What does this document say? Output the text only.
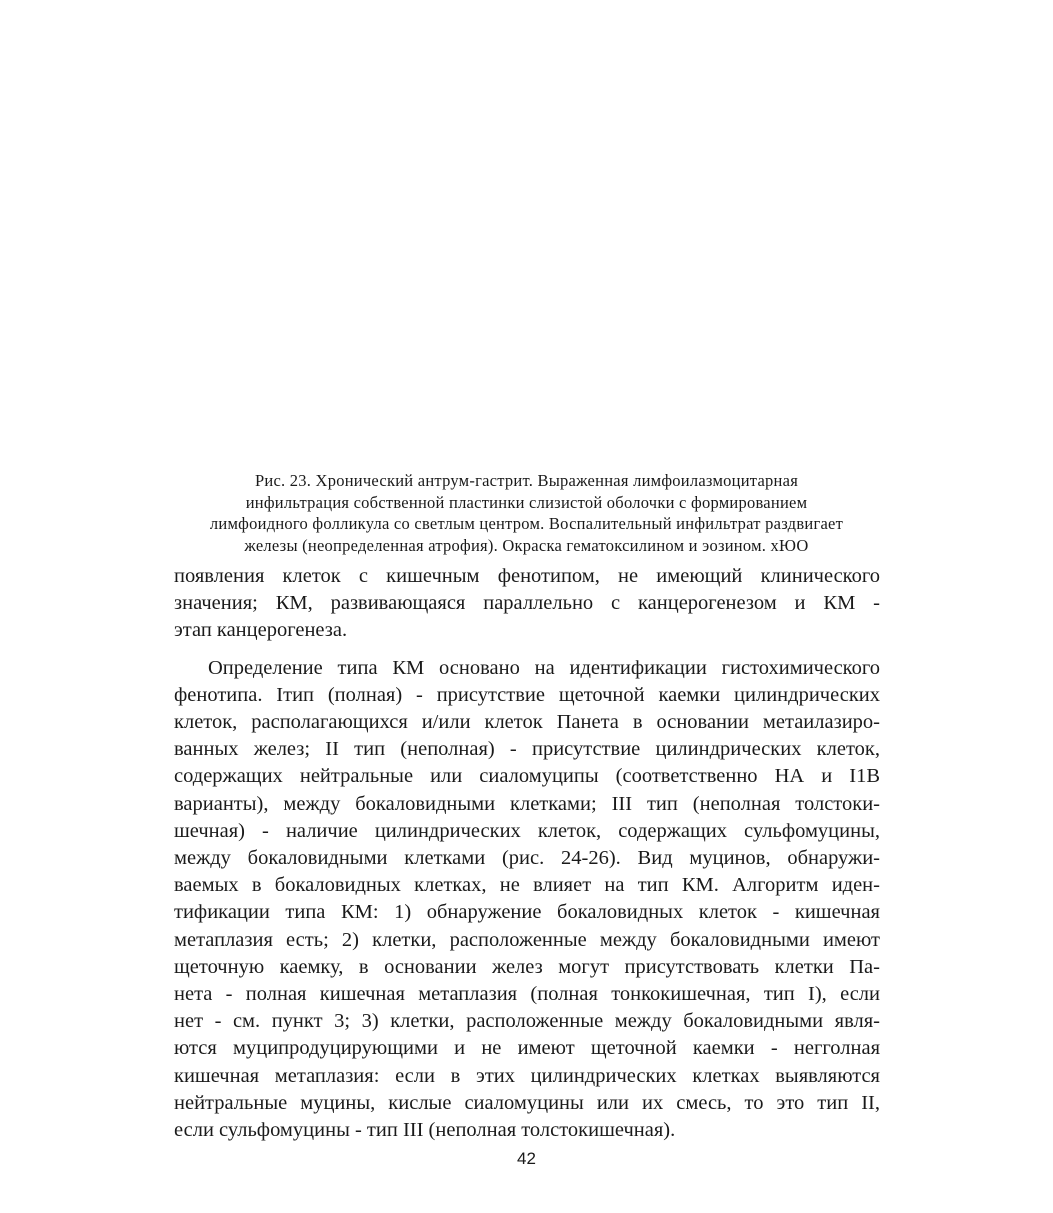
Рис. 23. Хронический антрум-гастрит. Выраженная лимфоилазмоцитарная
инфильтрация собственной пластинки слизистой оболочки с формированием
лимфоидного фолликула со светлым центром. Воспалительный инфильтрат раздвигает
железы (неопределенная атрофия). Окраска гематоксилином и эозином. хЮО
появления клеток с кишечным фенотипом, не имеющий клинического
значения; КМ, развивающаяся параллельно с канцерогенезом и КМ -
этап канцерогенеза.
Определение типа КМ основано на идентификации гистохимического
фенотипа. Iтип (полная) - присутствие щеточной каемки цилиндрических
клеток, располагающихся и/или клеток Панета в основании метаилазиро-
ванных желез; II тип (неполная) - присутствие цилиндрических клеток,
содержащих нейтральные или сиаломуципы (соответственно НА и I1В
варианты), между бокаловидными клетками; III тип (неполная толстоки-
шечная) - наличие цилиндрических клеток, содержащих сульфомуцины,
между бокаловидными клетками (рис. 24-26). Вид муцинов, обнаружи-
ваемых в бокаловидных клетках, не влияет на тип КМ. Алгоритм иден-
тификации типа КМ: 1) обнаружение бокаловидных клеток - кишечная
метаплазия есть; 2) клетки, расположенные между бокаловидными имеют
щеточную каемку, в основании желез могут присутствовать клетки Па-
нета - полная кишечная метаплазия (полная тонкокишечная, тип I), если
нет - см. пункт 3; 3) клетки, расположенные между бокаловидными явля-
ются муципродуцирующими и не имеют щеточной каемки - негголная
кишечная метаплазия: если в этих цилиндрических клетках выявляются
нейтральные муцины, кислые сиаломуцины или их смесь, то это тип II,
если сульфомуцины - тип III (неполная толстокишечная).
42
